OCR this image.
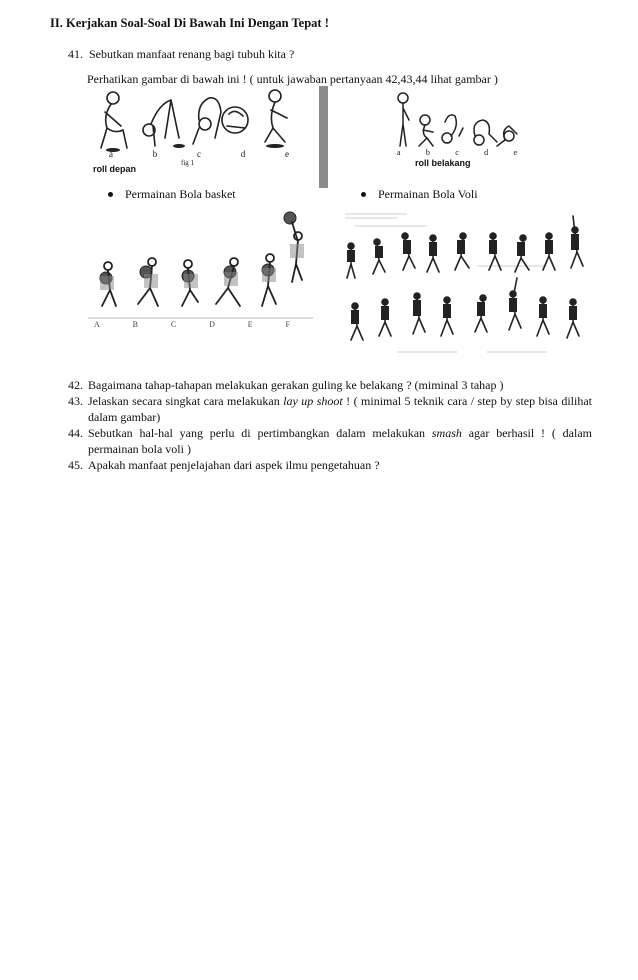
II. Kerjakan Soal-Soal Di Bawah Ini Dengan Tepat !
41. Sebutkan manfaat renang bagi tubuh kita ?
Perhatikan gambar di bawah ini ! ( untuk jawaban pertanyaan 42,43,44 lihat gambar )
roll depan
a	b	c	d	e
fig 1
a	b	c	d	e
roll belakang
Permainan Bola basket	Permainan Bola Voli
A	B	C	D	E	F
42. Bagaimana tahap-tahapan melakukan gerakan guling ke belakang ? (miminal 3 tahap )
43. Jelaskan secara singkat cara melakukan lay up shoot ! ( minimal 5 teknik cara / step by step bisa dilihat dalam gambar)
44. Sebutkan hal-hal yang perlu di pertimbangkan dalam melakukan smash agar berhasil ! ( dalam permainan bola voli )
45. Apakah manfaat penjelajahan dari aspek ilmu pengetahuan ?
